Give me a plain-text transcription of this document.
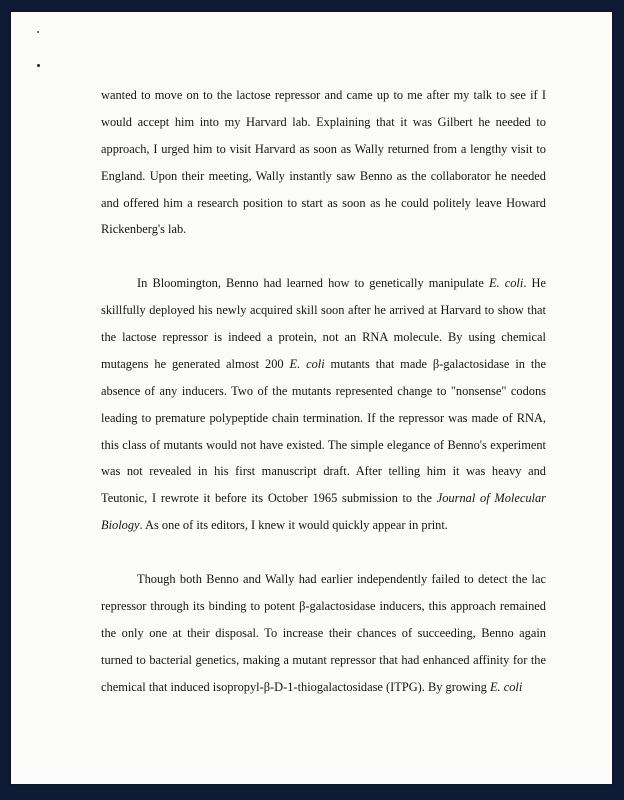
wanted to move on to the lactose repressor and came up to me after my talk to see if I
would accept him into my Harvard lab. Explaining that it was Gilbert he needed to
approach, I urged him to visit Harvard as soon as Wally returned from a lengthy visit to
England. Upon their meeting, Wally instantly saw Benno as the collaborator he needed
and offered him a research position to start as soon as he could politely leave Howard
Rickenberg's lab.
In Bloomington, Benno had learned how to genetically manipulate E. coli. He
skillfully deployed his newly acquired skill soon after he arrived at Harvard to show that
the lactose repressor is indeed a protein, not an RNA molecule. By using chemical
mutagens he generated almost 200 E. coli mutants that made β-galactosidase in the
absence of any inducers. Two of the mutants represented change to "nonsense" codons
leading to premature polypeptide chain termination. If the repressor was made of RNA,
this class of mutants would not have existed. The simple elegance of Benno's experiment
was not revealed in his first manuscript draft. After telling him it was heavy and
Teutonic, I rewrote it before its October 1965 submission to the Journal of Molecular
Biology. As one of its editors, I knew it would quickly appear in print.
Though both Benno and Wally had earlier independently failed to detect the lac
repressor through its binding to potent β-galactosidase inducers, this approach remained
the only one at their disposal. To increase their chances of succeeding, Benno again
turned to bacterial genetics, making a mutant repressor that had enhanced affinity for the
chemical that induced isopropyl-β-D-1-thiogalactosidase (ITPG). By growing E. coli
